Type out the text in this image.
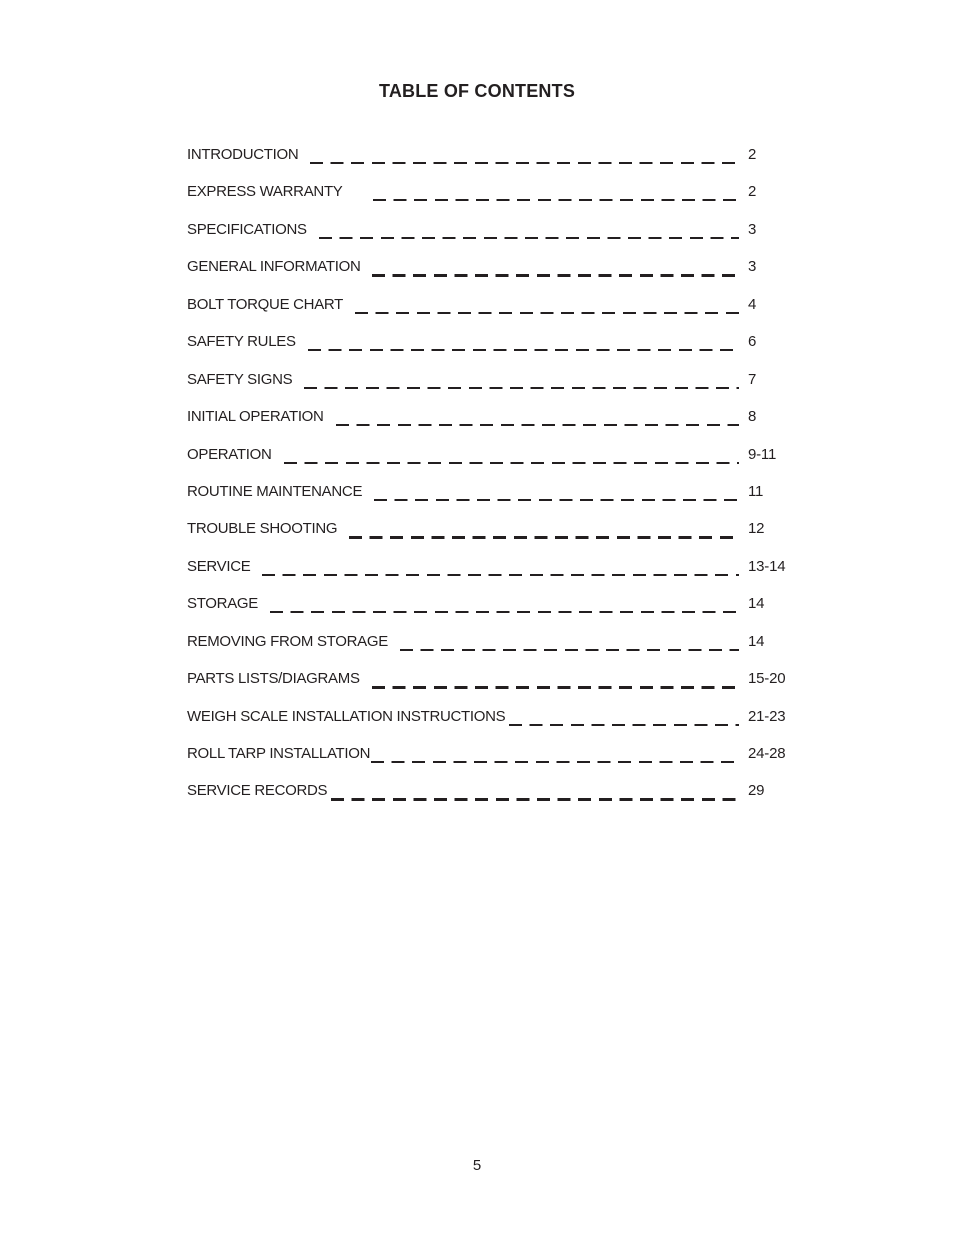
TABLE OF CONTENTS
INTRODUCTION	2
EXPRESS WARRANTY	2
SPECIFICATIONS	3
GENERAL INFORMATION	3
BOLT TORQUE CHART	4
SAFETY RULES	6
SAFETY SIGNS	7
INITIAL OPERATION	8
OPERATION	9-11
ROUTINE MAINTENANCE	11
TROUBLE SHOOTING	12
SERVICE	13-14
STORAGE	14
REMOVING FROM STORAGE	14
PARTS LISTS/DIAGRAMS	15-20
WEIGH SCALE INSTALLATION INSTRUCTIONS	21-23
ROLL TARP INSTALLATION	24-28
SERVICE RECORDS	29
5
